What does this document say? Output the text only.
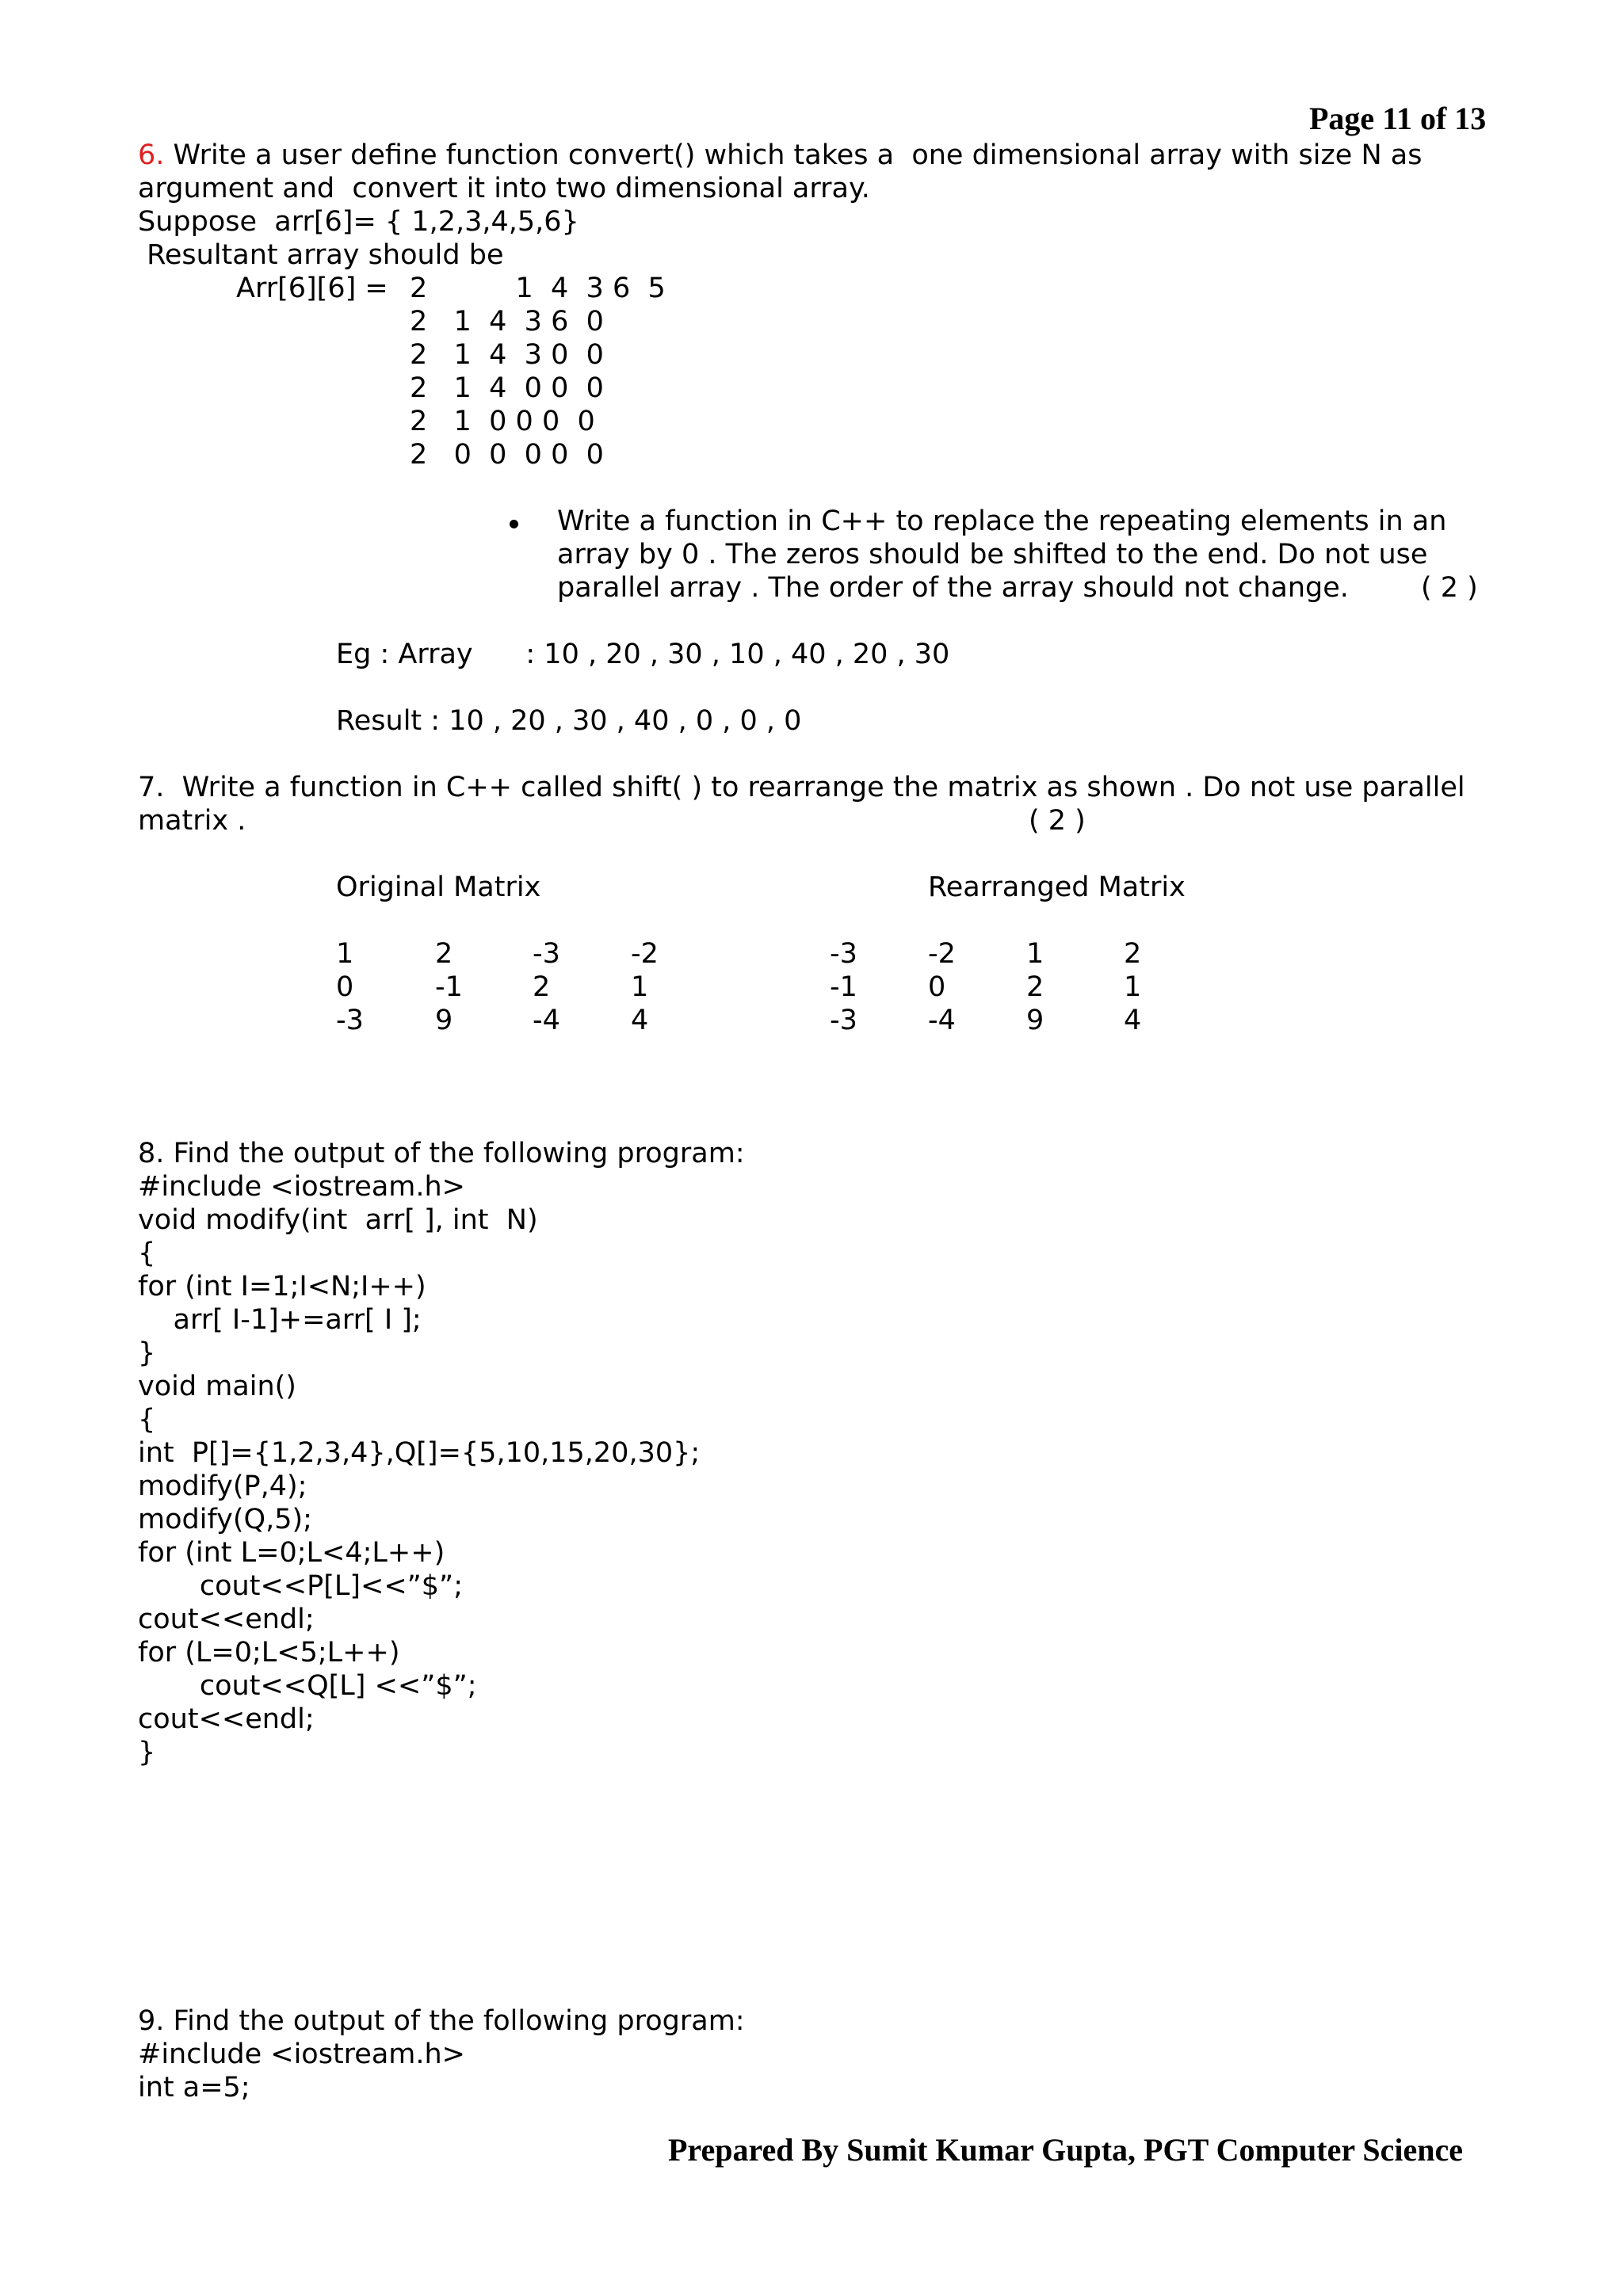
Page 11 of 13
6. Write a user define function convert() which takes a  one dimensional array with size N as
argument and  convert it into two dimensional array.
Suppose  arr[6]= { 1,2,3,4,5,6}
Resultant array should be
Arr[6][6] = 2          1  4  3 6  5
2   1  4  3 6  0
2   1  4  3 0  0
2   1  4  0 0  0
2   1  0 0 0  0
2   0  0  0 0  0
Write a function in C++ to replace the repeating elements in an
array by 0 . The zeros should be shifted to the end. Do not use
parallel array . The order of the array should not change.	( 2 )
Eg : Array      : 10 , 20 , 30 , 10 , 40 , 20 , 30
Result : 10 , 20 , 30 , 40 , 0 , 0 , 0
7.  Write a function in C++ called shift( ) to rearrange the matrix as shown . Do not use parallel
matrix .	( 2 )
Original Matrix	Rearranged Matrix
1	2	-3	-2
0	-1	2	1
-3	9	-4	4
-3	-2	1	2
-1	0	2	1
-3	-4	9	4
8. Find the output of the following program:
#include <iostream.h>
void modify(int  arr[ ], int  N)
{
for (int I=1;I<N;I++)
arr[ I-1]+=arr[ I ];
}
void main()
{
int  P[]={1,2,3,4},Q[]={5,10,15,20,30};
modify(P,4);
modify(Q,5);
for (int L=0;L<4;L++)
cout<<P[L]<<”$”;
cout<<endl;
for (L=0;L<5;L++)
cout<<Q[L] <<”$”;
cout<<endl;
}
9. Find the output of the following program:
#include <iostream.h>
int a=5;
Prepared By Sumit Kumar Gupta, PGT Computer Science
